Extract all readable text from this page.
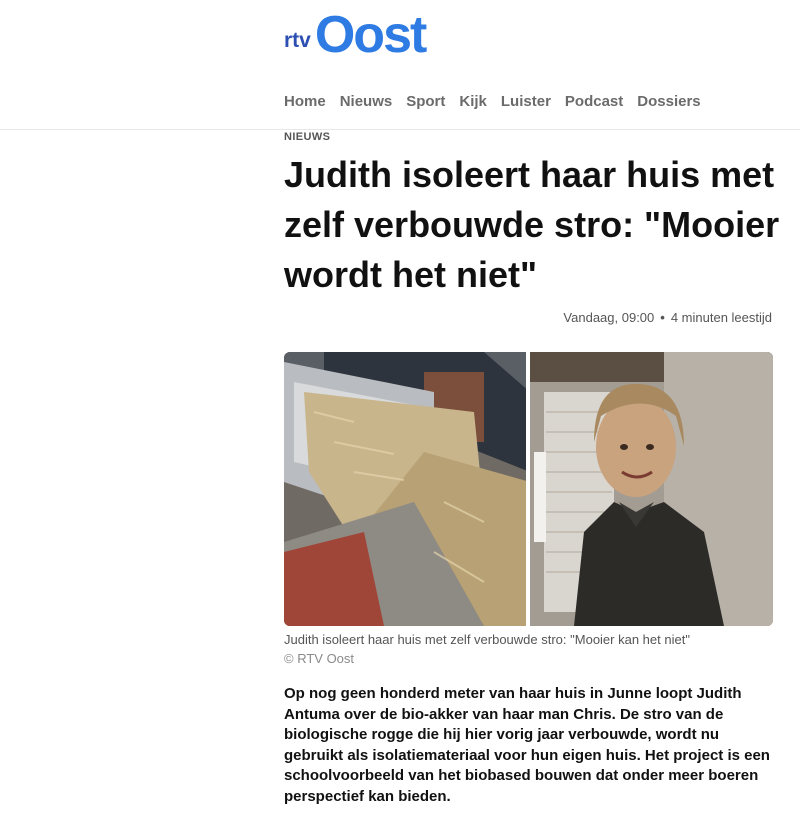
rtv Oost
Home Nieuws Sport Kijk Luister Podcast Dossiers
NIEUWS
Judith isoleert haar huis met zelf verbouwde stro: "Mooier wordt het niet"
Vandaag, 09:00 • 4 minuten leestijd
Judith isoleert haar huis met zelf verbouwde stro: "Mooier kan het niet"
© RTV Oost

Op nog geen honderd meter van haar huis in Junne loopt Judith Antuma over de bio-akker van haar man Chris. De stro van de biologische rogge die hij hier vorig jaar verbouwde, wordt nu gebruikt als isolatiemateriaal voor hun eigen huis. Het project is een schoolvoorbeeld van het biobased bouwen dat onder meer boeren perspectief kan bieden.
